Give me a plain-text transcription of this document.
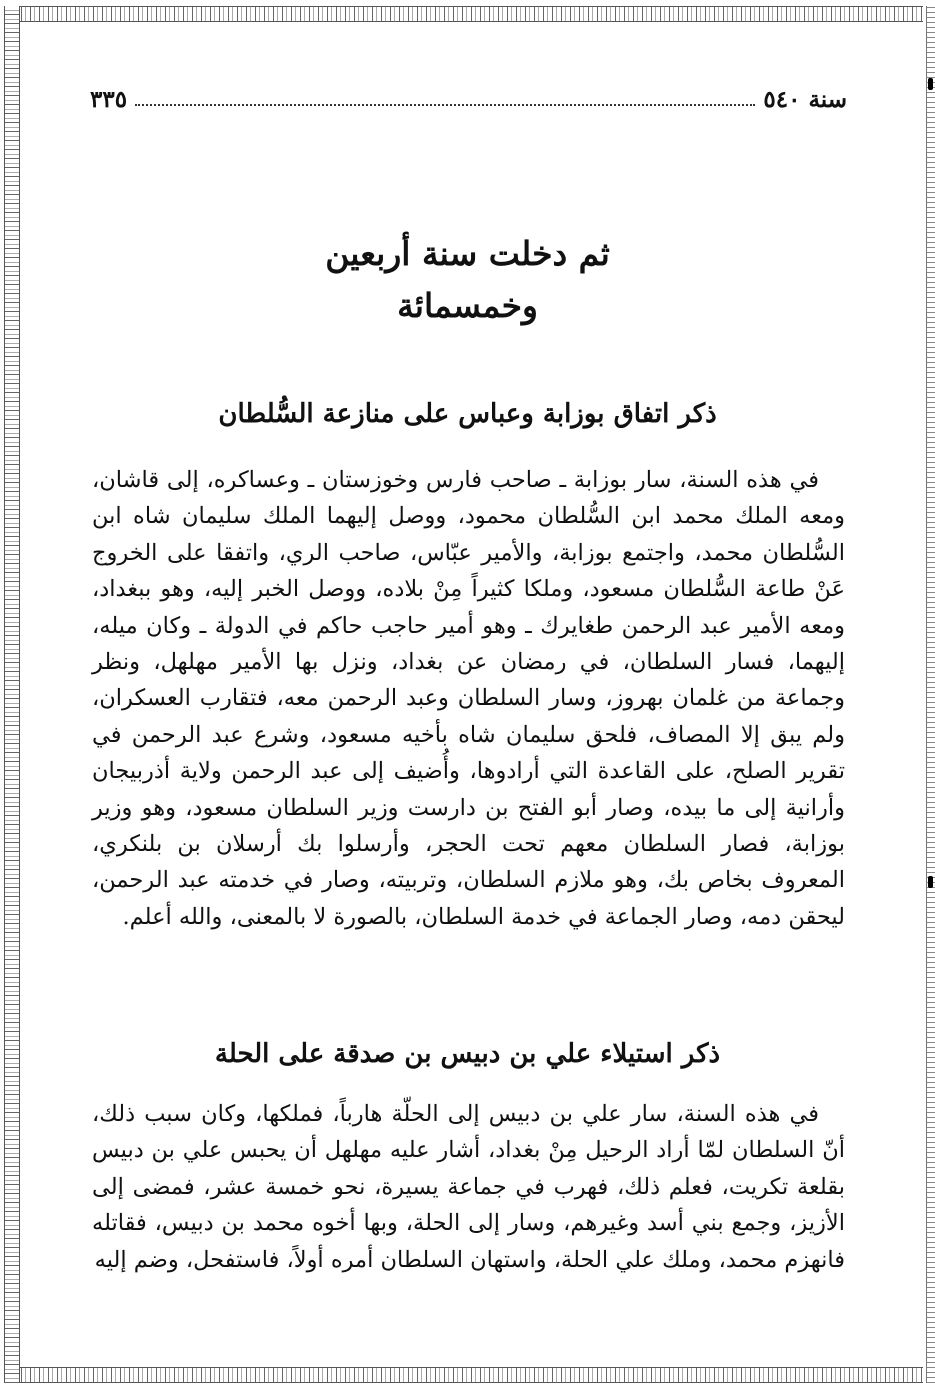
سنة ٥٤٠
٣٣٥
ثم دخلت سنة أربعين
وخمسمائة
ذكر اتفاق بوزابة وعباس على منازعة السُّلطان

في هذه السنة، سار بوزابة ـ صاحب فارس وخوزستان ـ وعساكره، إلى قاشان، ومعه الملك محمد ابن السُّلطان محمود، ووصل إليهما الملك سليمان شاه ابن السُّلطان محمد، واجتمع بوزابة، والأمير عبّاس، صاحب الري، واتفقا على الخروج عَنْ طاعة السُّلطان مسعود، وملكا كثيراً مِنْ بلاده، ووصل الخبر إليه، وهو ببغداد، ومعه الأمير عبد الرحمن طغايرك ـ وهو أمير حاجب حاكم في الدولة ـ وكان ميله، إليهما، فسار السلطان، في رمضان عن بغداد، ونزل بها الأمير مهلهل، ونظر وجماعة من غلمان بهروز، وسار السلطان وعبد الرحمن معه، فتقارب العسكران، ولم يبق إلا المصاف، فلحق سليمان شاه بأخيه مسعود، وشرع عبد الرحمن في تقرير الصلح، على القاعدة التي أرادوها، وأُضيف إلى عبد الرحمن ولاية أذربيجان وأرانية إلى ما بيده، وصار أبو الفتح بن دارست وزير السلطان مسعود، وهو وزير بوزابة، فصار السلطان معهم تحت الحجر، وأرسلوا بك أرسلان بن بلنكري، المعروف بخاص بك، وهو ملازم السلطان، وتربيته، وصار في خدمته عبد الرحمن، ليحقن دمه، وصار الجماعة في خدمة السلطان، بالصورة لا بالمعنى، والله أعلم.

ذكر استيلاء علي بن دبيس بن صدقة على الحلة

في هذه السنة، سار علي بن دبيس إلى الحلّة هارباً، فملكها، وكان سبب ذلك، أنّ السلطان لمّا أراد الرحيل مِنْ بغداد، أشار عليه مهلهل أن يحبس علي بن دبيس بقلعة تكريت، فعلم ذلك، فهرب في جماعة يسيرة، نحو خمسة عشر، فمضى إلى الأزيز، وجمع بني أسد وغيرهم، وسار إلى الحلة، وبها أخوه محمد بن دبيس، فقاتله فانهزم محمد، وملك علي الحلة، واستهان السلطان أمره أولاً، فاستفحل، وضم إليه
